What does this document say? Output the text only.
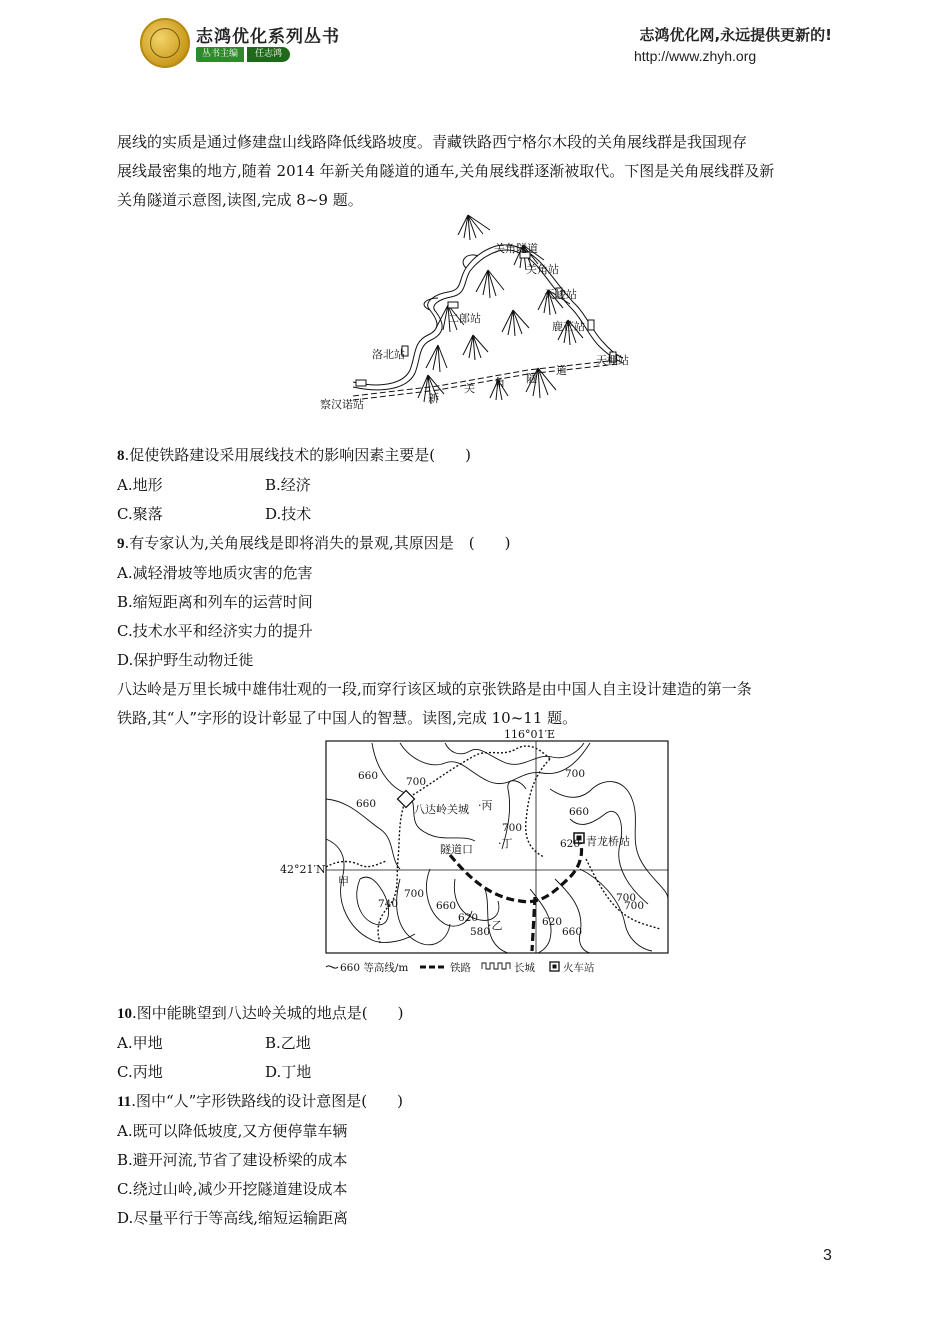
志鸿优化系列丛书
丛书主编	任志鸿
志鸿优化网,永远提供更新的!
http://www.zhyh.org

展线的实质是通过修建盘山线路降低线路坡度。青藏铁路西宁格尔木段的关角展线群是我国现存

展线最密集的地方,随着 2014 年新关角隧道的通车,关角展线群逐渐被取代。下图是关角展线群及新

关角隧道示意图,读图,完成 8~9 题。

8.促使铁路建设采用展线技术的影响因素主要是(　　)

A.地形	B.经济
C.聚落	D.技术

9.有专家认为,关角展线是即将消失的景观,其原因是　(　　)

A.减轻滑坡等地质灾害的危害
B.缩短距离和列车的运营时间
C.技术水平和经济实力的提升
D.保护野生动物迁徙

八达岭是万里长城中雄伟壮观的一段,而穿行该区域的京张铁路是由中国人自主设计建造的第一条

铁路,其“人”字形的设计彰显了中国人的智慧。读图,完成 10~11 题。

10.图中能眺望到八达岭关城的地点是(　　)

A.甲地	B.乙地
C.丙地	D.丁地

11.图中“人”字形铁路线的设计意图是(　　)

A.既可以降低坡度,又方便停靠车辆
B.避开河流,节省了建设桥梁的成本
C.绕过山岭,减少开挖隧道建设成本
D.尽量平行于等高线,缩短运输距离
关角隧道
关角站
天峻站
二郎站
鹿芒站
洛北站	天棚站
察汉诺站	新
关 角 隧
道
116°01′E
42°21′N
700
700
660
660
660
700
700
620
740
700
660
620
580
620
660
700
八达岭关城 ·丙
·丁
甲
·乙
隧道口
青龙桥站
660 等高线/m	铁路	长城	火车站
3
